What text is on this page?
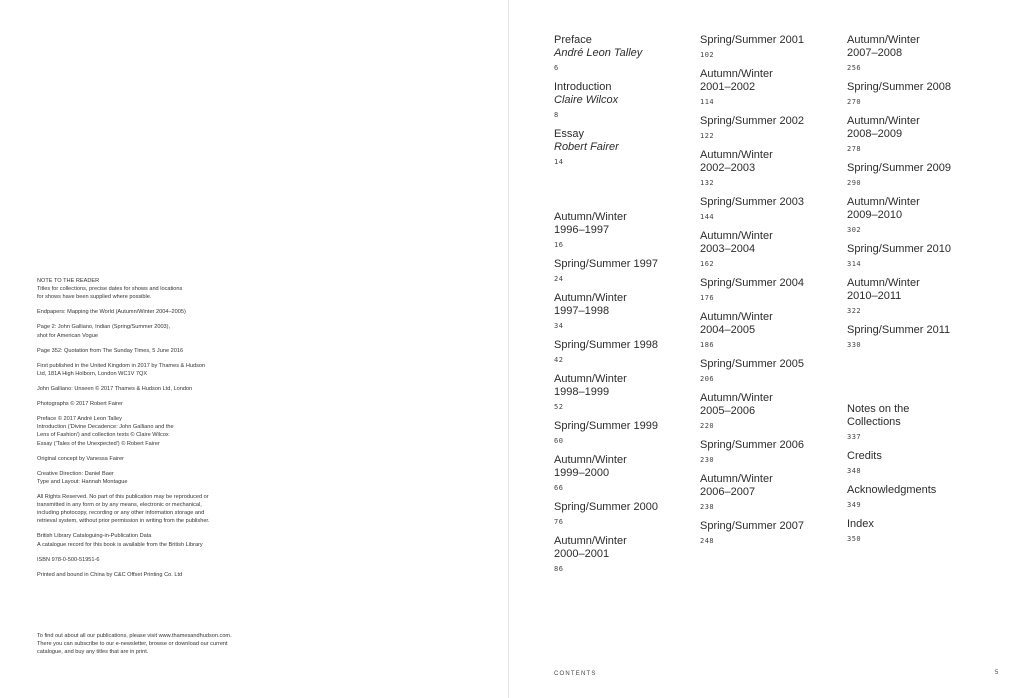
NOTE TO THE READER
Titles for collections, precise dates for shows and locations
for shows have been supplied where possible.
Endpapers: Mapping the World (Autumn/Winter 2004–2005)
Page 2: John Galliano, Indian (Spring/Summer 2003),
shot for American Vogue
Page 352: Quotation from The Sunday Times, 5 June 2016
First published in the United Kingdom in 2017 by Thames & Hudson
Ltd, 181A High Holborn, London WC1V 7QX
John Galliano: Unseen © 2017 Thames & Hudson Ltd, London
Photographs © 2017 Robert Fairer
Preface © 2017 André Leon Talley
Introduction ('Divine Decadence: John Galliano and the
Lens of Fashion') and collection texts © Claire Wilcox
Essay ('Tales of the Unexpected') © Robert Fairer
Original concept by Vanessa Fairer
Creative Direction: Daniel Baer
Type and Layout: Hannah Montague
All Rights Reserved. No part of this publication may be reproduced or
transmitted in any form or by any means, electronic or mechanical,
including photocopy, recording or any other information storage and
retrieval system, without prior permission in writing from the publisher.
British Library Cataloguing-in-Publication Data
A catalogue record for this book is available from the British Library
ISBN 978-0-500-51951-6
Printed and bound in China by C&C Offset Printing Co. Ltd
To find out about all our publications, please visit www.thamesandhudson.com.
There you can subscribe to our e-newsletter, browse or download our current
catalogue, and buy any titles that are in print.
Preface
André Leon Talley
6
Introduction
Claire Wilcox
8
Essay
Robert Fairer
14
Autumn/Winter
1996–1997
16
Spring/Summer 1997
24
Autumn/Winter
1997–1998
34
Spring/Summer 1998
42
Autumn/Winter
1998–1999
52
Spring/Summer 1999
60
Autumn/Winter
1999–2000
66
Spring/Summer 2000
76
Autumn/Winter
2000–2001
86
Spring/Summer 2001
102
Autumn/Winter
2001–2002
114
Spring/Summer 2002
122
Autumn/Winter
2002–2003
132
Spring/Summer 2003
144
Autumn/Winter
2003–2004
162
Spring/Summer 2004
176
Autumn/Winter
2004–2005
186
Spring/Summer 2005
206
Autumn/Winter
2005–2006
220
Spring/Summer 2006
230
Autumn/Winter
2006–2007
238
Spring/Summer 2007
248
Autumn/Winter
2007–2008
256
Spring/Summer 2008
270
Autumn/Winter
2008–2009
278
Spring/Summer 2009
290
Autumn/Winter
2009–2010
302
Spring/Summer 2010
314
Autumn/Winter
2010–2011
322
Spring/Summer 2011
330
Notes on the
Collections
337
Credits
348
Acknowledgments
349
Index
350
CONTENTS	5
